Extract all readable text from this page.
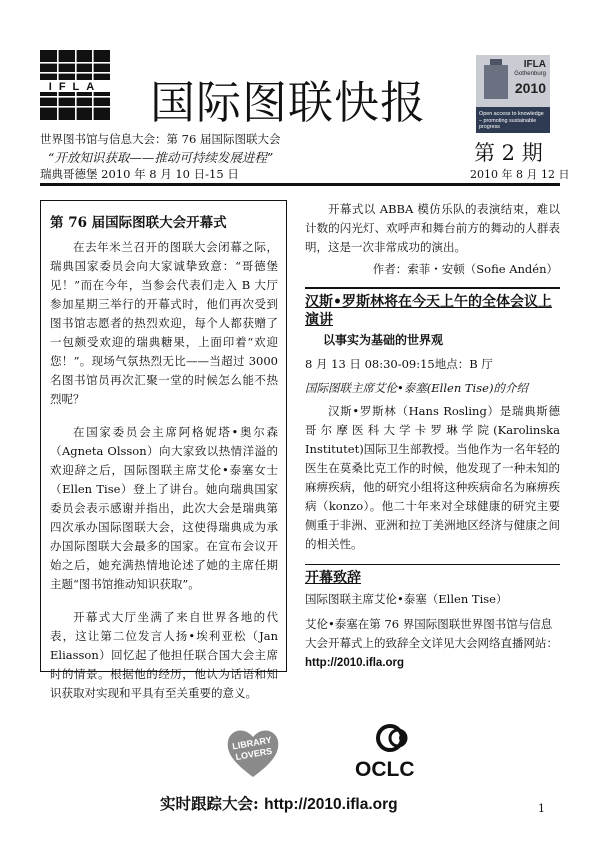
IFLA 国际图联快报
IFLA
Gothenburg
2010
Open access to knowledge – promoting sustainable progress
世界图书馆与信息大会：第 76 届国际图联大会
“开放知识获取——推动可持续发展进程”
瑞典哥德堡 2010 年 8 月 10 日-15 日
第 2 期
2010 年 8 月 12 日
第 76 届国际图联大会开幕式

在去年米兰召开的图联大会闭幕之际，瑞典国家委员会向大家诚挚致意：“哥德堡见！”而在今年，当参会代表们走入 B 大厅参加星期三举行的开幕式时，他们再次受到图书馆志愿者的热烈欢迎，每个人都获赠了一包颇受欢迎的瑞典糖果，上面印着“欢迎您！”。现场气氛热烈无比——当超过 3000 名图书馆员再次汇聚一堂的时候怎么能不热烈呢？

在国家委员会主席阿格妮塔•奥尔森（Agneta Olsson）向大家致以热情洋溢的欢迎辞之后，国际图联主席艾伦•泰塞女士（Ellen Tise）登上了讲台。她向瑞典国家委员会表示感谢并指出，此次大会是瑞典第四次承办国际图联大会，这使得瑞典成为承办国际图联大会最多的国家。在宣布会议开始之后，她充满热情地论述了她的主席任期主题“图书馆推动知识获取”。

开幕式大厅坐满了来自世界各地的代表，这让第二位发言人扬•埃利亚松（Jan Eliasson）回忆起了他担任联合国大会主席时的情景。根据他的经历，他认为话语和知识获取对实现和平具有至关重要的意义。

开幕式以 ABBA 模仿乐队的表演结束，难以计数的闪光灯、欢呼声和舞台前方的舞动的人群表明，这是一次非常成功的演出。

作者：索菲・安顿（Sofie Andén）
汉斯•罗斯林将在今天上午的全体会议上演讲
以事实为基础的世界观
8 月 13 日 08:30-09:15地点：B 厅
国际图联主席艾伦•泰塞(Ellen Tise)的介绍

汉斯•罗斯林（Hans Rosling）是瑞典斯德哥尔摩医科大学卡罗琳学院(Karolinska Institutet)国际卫生部教授。当他作为一名年轻的医生在莫桑比克工作的时候，他发现了一种未知的麻痹疾病，他的研究小组将这种疾病命名为麻痹疾病（konzo）。他二十年来对全球健康的研究主要侧重于非洲、亚洲和拉丁美洲地区经济与健康之间的相关性。

开幕致辞
国际图联主席艾伦•泰塞（Ellen Tise）
艾伦•泰塞在第 76 界国际图联世界图书馆与信息大会开幕式上的致辞全文详见大会网络直播网站：http://2010.ifla.org
LIBRARY LOVERS
OCLC
实时跟踪大会: http://2010.ifla.org	1
